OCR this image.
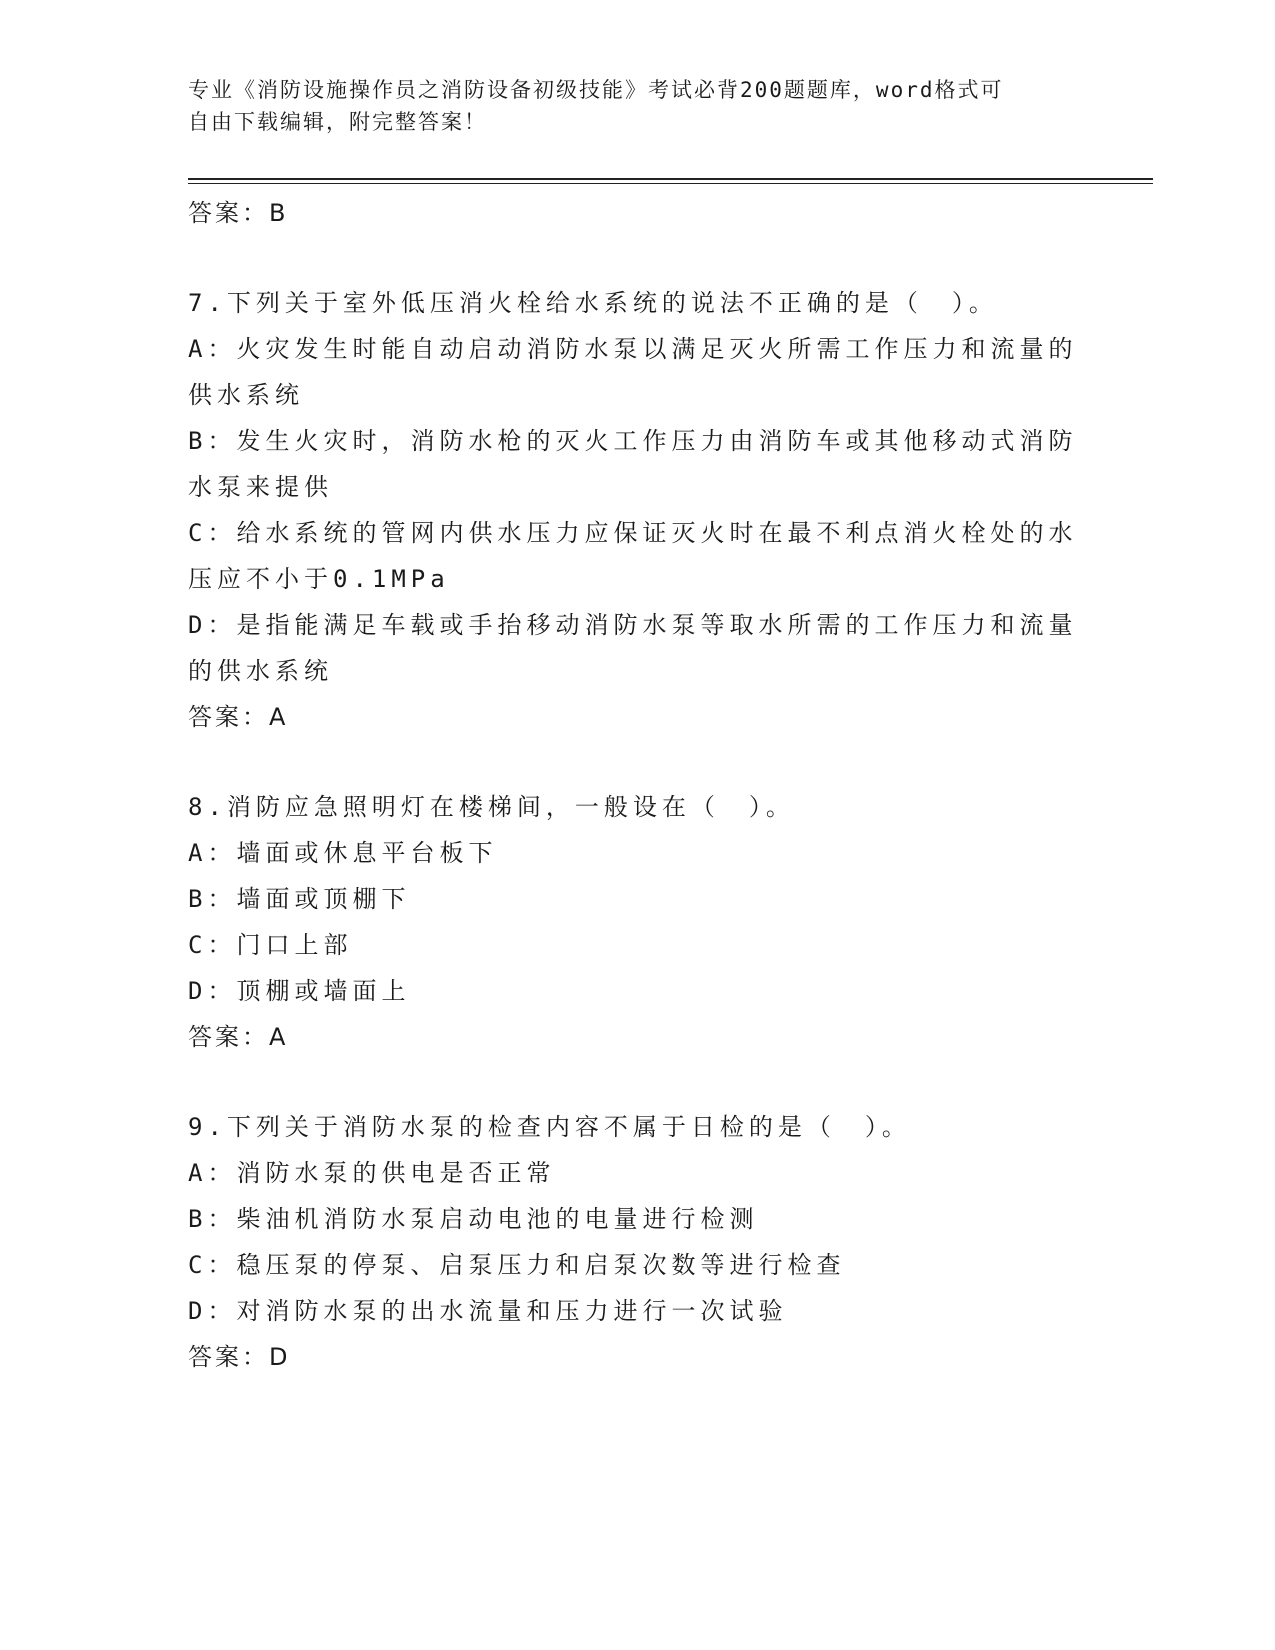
专业《消防设施操作员之消防设备初级技能》考试必背200题题库，word格式可
自由下载编辑，附完整答案！
答案：B
7.下列关于室外低压消火栓给水系统的说法不正确的是（　）。
A：火灾发生时能自动启动消防水泵以满足灭火所需工作压力和流量的
供水系统
B：发生火灾时，消防水枪的灭火工作压力由消防车或其他移动式消防
水泵来提供
C：给水系统的管网内供水压力应保证灭火时在最不利点消火栓处的水
压应不小于0.1MPa
D：是指能满足车载或手抬移动消防水泵等取水所需的工作压力和流量
的供水系统
答案：A
8.消防应急照明灯在楼梯间，一般设在（　）。
A：墙面或休息平台板下
B：墙面或顶棚下
C：门口上部
D：顶棚或墙面上
答案：A
9.下列关于消防水泵的检查内容不属于日检的是（　）。
A：消防水泵的供电是否正常
B：柴油机消防水泵启动电池的电量进行检测
C：稳压泵的停泵、启泵压力和启泵次数等进行检查
D：对消防水泵的出水流量和压力进行一次试验
答案：D
